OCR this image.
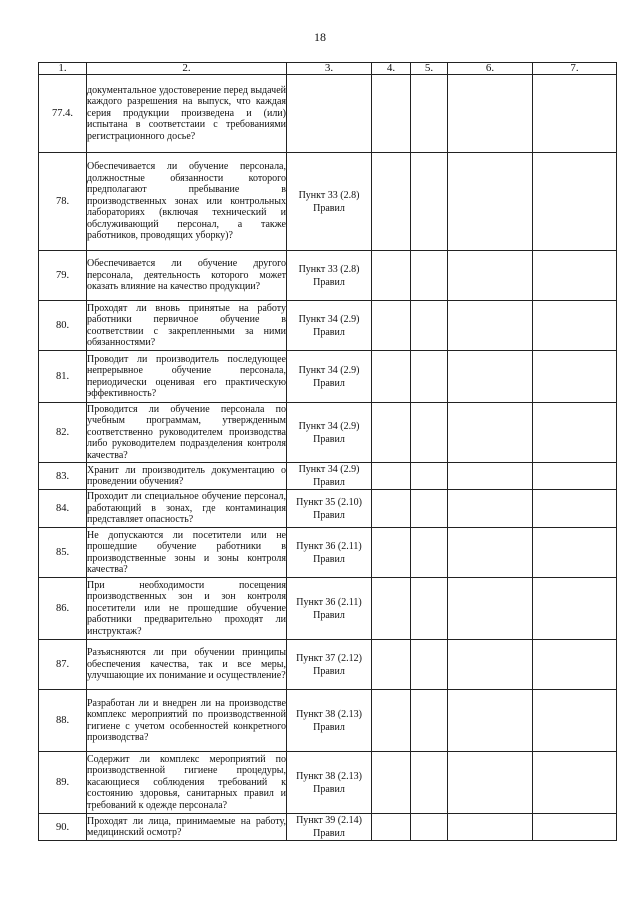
18
1.	2.	3.	4.	5.	6.	7.
77.4.	документальное удостоверение перед выдачей каждого разрешения на выпуск, что каждая серия продукции произведена и (или) испытана в соответстаии с требованиями регистрационного досье?	

78.	Обеспечивается ли обучение персонала, должностные обязанности которого предполагают пребывание в производственных зонах или контрольных лабораториях (включая технический и обслуживающий персонал, а также работников, проводящих уборку)?	Пункт 33 (2.8)
Правил				

79.	Обеспечивается ли обучение другого персонала, деятельность которого может оказать влияние на качество продукции?	Пункт 33 (2.8)
Правил				

80.	Проходят ли вновь принятые на работу работники первичное обучение в соответствии с закрепленными за ними обязанностями?	Пункт 34 (2.9)
Правил				

81.	Проводит ли производитель последующее непрерывное обучение персонала, периодически оценивая его практическую эффективность?	Пункт 34 (2.9)
Правил				

82.	Проводится ли обучение персонала по учебным программам, утвержденным соответственно руководителем производства либо руководителем подразделения контроля качества?	Пункт 34 (2.9)
Правил				

83.	Хранит ли производитель документацию о проведении обучения?	Пункт 34 (2.9)
Правил				

84.	Проходит ли специальное обучение персонал, работающий в зонах, где контаминация представляет опасность?	Пункт 35 (2.10)
Правил				

85.	Не допускаются ли посетители или не прошедшие обучение работники в производственные зоны и зоны контроля качества?	Пункт 36 (2.11)
Правил				

86.	При необходимости посещения производственных зон и зон контроля посетители или не прошедшие обучение работники предварительно проходят ли инструктаж?	Пункт 36 (2.11)
Правил				

87.	Разъясняются ли при обучении принципы обеспечения качества, так и все меры, улучшающие их понимание и осуществление?	Пункт 37 (2.12)
Правил				

88.	Разработан ли и внедрен ли на производстве комплекс мероприятий по производственной гигиене с учетом особенностей конкретного производства?	Пункт 38 (2.13)
Правил				

89.	Содержит ли комплекс мероприятий по производственной гигиене процедуры, касающиеся соблюдения требований к состоянию здоровья, санитарных правил и требований к одежде персонала?	Пункт 38 (2.13)
Правил				

90.	Проходят ли лица, принимаемые на работу, медицинский осмотр?	Пункт 39 (2.14)
Правил				
